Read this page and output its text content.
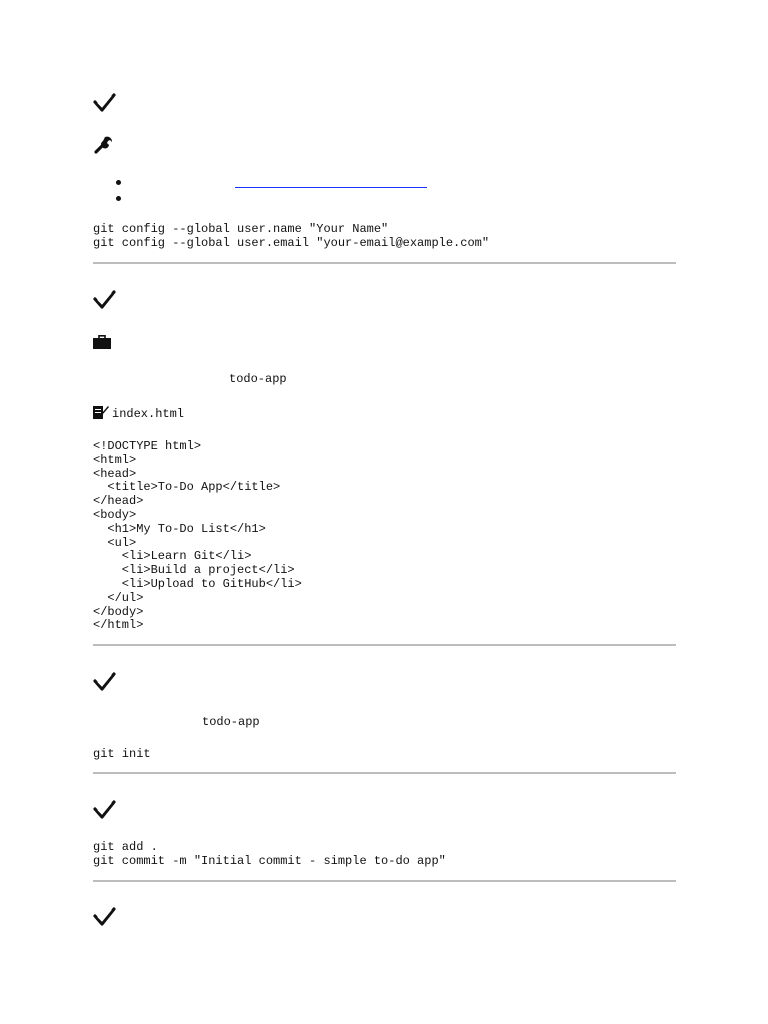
git config --global user.name "Your Name"
git config --global user.email "your-email@example.com"
todo-app
index.html
<!DOCTYPE html>
<html>
<head>
<title>To-Do App</title>
</head>
<body>
<h1>My To-Do List</h1>
<ul>
<li>Learn Git</li>
<li>Build a project</li>
<li>Upload to GitHub</li>
</ul>
</body>
</html>
todo-app
git init
git add .
git commit -m "Initial commit - simple to-do app"
